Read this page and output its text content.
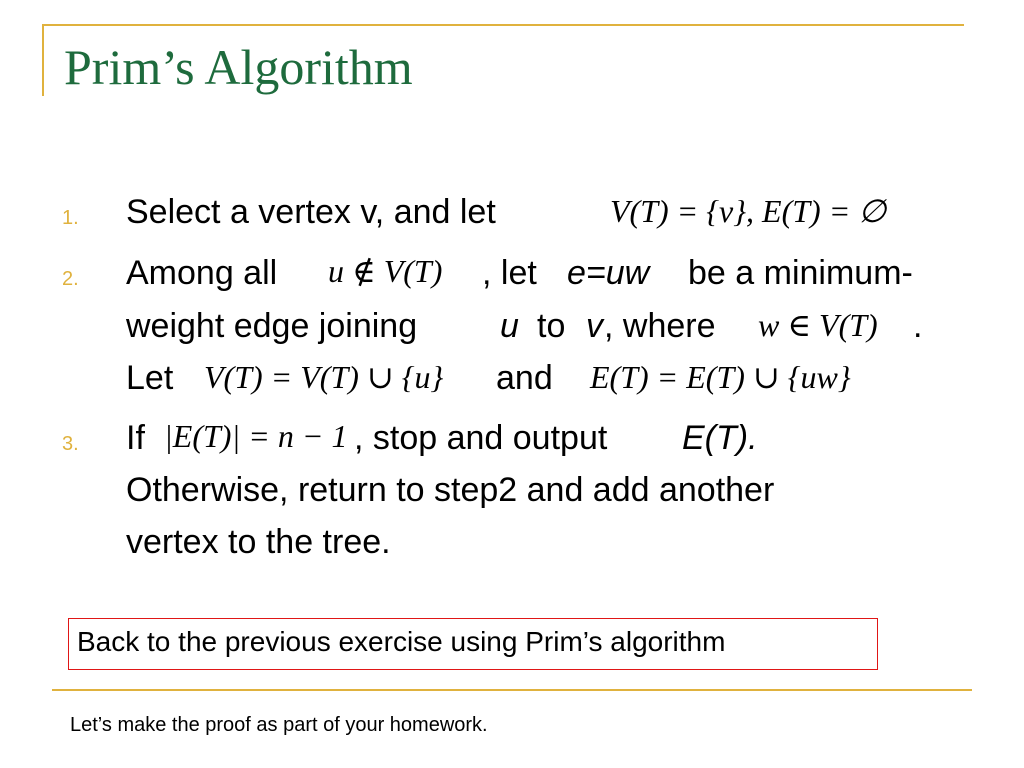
Prim’s Algorithm
1. Select a vertex v, and let	V(T) = {v}, E(T) = ∅
2. Among all u ∉ V(T) , let e=uw be a minimum-
weight edge joining u to v , where w ∈ V(T) .
Let V(T) = V(T) ∪ {u} and E(T) = E(T) ∪ {uw}
3. If |E(T)| = n − 1 , stop and output E(T).
Otherwise, return to step2 and add another
vertex to the tree.
Back to the previous exercise using Prim’s algorithm
Let’s make the proof as part of your homework.
